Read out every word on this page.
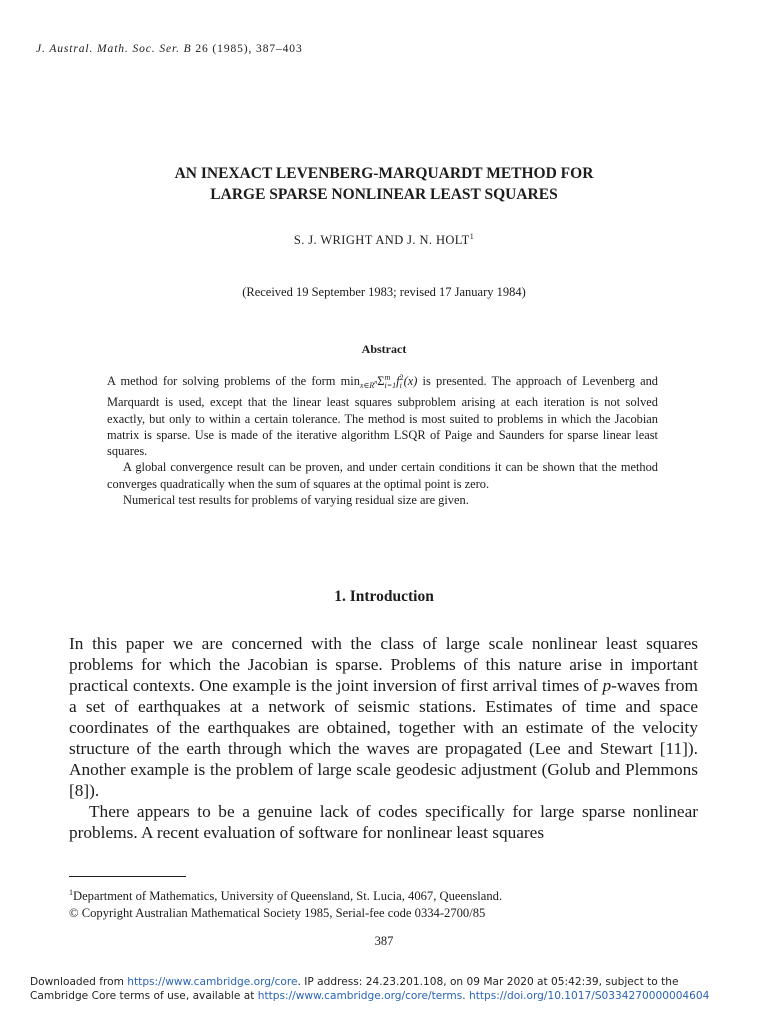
J. Austral. Math. Soc. Ser. B 26 (1985), 387–403
AN INEXACT LEVENBERG-MARQUARDT METHOD FOR
LARGE SPARSE NONLINEAR LEAST SQUARES
S. J. WRIGHT AND J. N. HOLT$^1$
(Received 19 September 1983; revised 17 January 1984)
Abstract

A method for solving problems of the form $\min_{x\in R^n}\Sigma$ m
i=1 f 2
i (x) is presented. The approach of Levenberg and Marquardt is used, except that the linear least squares subproblem arising at each iteration is not solved exactly, but only to within a certain tolerance. The method is most suited to problems in which the Jacobian matrix is sparse. Use is made of the iterative algorithm LSQR of Paige and Saunders for sparse linear least squares.

A global convergence result can be proven, and under certain conditions it can be shown that the method converges quadratically when the sum of squares at the optimal point is zero.

Numerical test results for problems of varying residual size are given.

1. Introduction

In this paper we are concerned with the class of large scale nonlinear least squares problems for which the Jacobian is sparse. Problems of this nature arise in important practical contexts. One example is the joint inversion of first arrival times of p-waves from a set of earthquakes at a network of seismic stations. Estimates of time and space coordinates of the earthquakes are obtained, together with an estimate of the velocity structure of the earth through which the waves are propagated (Lee and Stewart [11]). Another example is the problem of large scale geodesic adjustment (Golub and Plemmons [8]).

There appears to be a genuine lack of codes specifically for large sparse nonlinear problems. A recent evaluation of software for nonlinear least squares

$^1$Department of Mathematics, University of Queensland, St. Lucia, 4067, Queensland.
© Copyright Australian Mathematical Society 1985, Serial-fee code 0334-2700/85
387
Downloaded from https://www.cambridge.org/core. IP address: 24.23.201.108, on 09 Mar 2020 at 05:42:39, subject to the Cambridge Core terms of use, available at https://www.cambridge.org/core/terms. https://doi.org/10.1017/S0334270000004604
